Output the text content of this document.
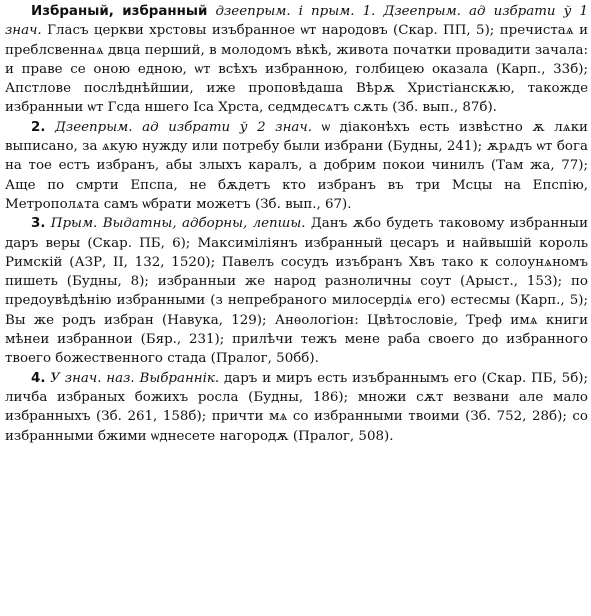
Избраный, избранный дзеeпрым. і прым. 1. Дзеeпрым. ад избрати ў 1 знач. Гласъ церкви хрстовы изъбранное ѡт народовъ (Скар. ПП, 5); пречистаѧ и преблсвеннаѧ двца перший, в молодомъ вѣкѣ, живота початки провадити зачала: и праве се оною едною, ѡт всѣхъ избранною, голбицею оказала (Карп., 33б); Апстлове послѣднѣйшии, иже проповѣдаша Вѣрѫ Христіанскѫю, такожде избранныи ѡт Гсда ншего Іса Хрста, седмдесѧтъ сѫть (Зб. вып., 87б).

2. Дзеeпрым. ад избрати ў 2 знач. ѡ діаконѣхъ есть извѣстно ѫ лѧки выписано, за ѧкую нужду или потребу были избрани (Будны, 241); ѫрѧдъ ѡт бога на тое естъ избранъ, абы злыхъ каралъ, а добрим покои чинилъ (Там жа, 77); Аще по смрти Епспа, не бѫдетъ кто избранъ въ три Мсцы на Епспію, Метрополѧта самъ ѡбрати можетъ (Зб. вып., 67).

3. Прым. Выдатны, адборны, лепшы. Данъ ѫбо будеть таковому избранныи даръ веры (Скар. ПБ, 6); Максиміліянъ избранный цесаръ и найвышій король Римскій (АЗР, II, 132, 1520); Павелъ сосудъ изъбранъ Хвъ тако к солоунѧномъ пишеть (Будны, 8); избранныи же народ разноличны соут (Арыст., 153); по предоувѣдѣнію избранными (з непребраного милосердіѧ его) естесмы (Карп., 5); Вы же родъ избран (Навука, 129); Анѳологіон: Цвѣтословіе, Треф имѧ книги мѣнеи избраннои (Бяр., 231); прилѣчи тежъ мене раба своего до избранного твоего божественного стада (Пралог, 50бб).

4. У знач. наз. Выбраннік. даръ и миръ есть изъбраннымъ его (Скар. ПБ, 5б); личба избраных божихъ росла (Будны, 186); множи сѫт везвани але мало избранныхъ (Зб. 261, 158б); причти мѧ со избранными твоими (Зб. 752, 28б); со избранными бжими ѡднесете нагородѫ (Пралог, 508).
